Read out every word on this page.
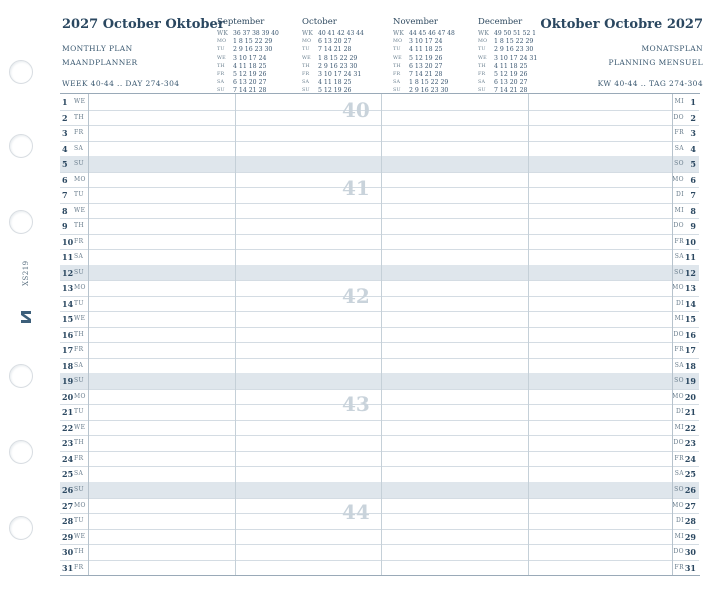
XS219
2027 October Oktober	Oktober Octobre 2027
MONTHLY PLAN
MAANDPLANNER
WEEK 40-44 .. DAY 274-304
MONATSPLAN
PLANNING MENSUEL
KW 40-44 .. TAG 274-304
September
WK	36 37 38 39 40
MO	1 8 15 22 29
TU	2 9 16 23 30
WE	3 10 17 24
TH	4 11 18 25
FR	5 12 19 26
SA	6 13 20 27
SU	7 14 21 28
October
WK	40 41 42 43 44
MO	6 13 20 27
TU	7 14 21 28
WE	1 8 15 22 29
TH	2 9 16 23 30
FR	3 10 17 24 31
SA	4 11 18 25
SU	5 12 19 26
November
WK	44 45 46 47 48
MO	3 10 17 24
TU	4 11 18 25
WE	5 12 19 26
TH	6 13 20 27
FR	7 14 21 28
SA	1 8 15 22 29
SU	2 9 16 23 30
December
WK	49 50 51 52 1
MO	1 8 15 22 29
TU	2 9 16 23 30
WE	3 10 17 24 31
TH	4 11 18 25
FR	5 12 19 26
SA	6 13 20 27
SU	7 14 21 28
1 WE	MI 1
2 TH	DO 2
3 FR	FR 3
4 SA	SA 4
5 SU	SO 5
6 MO	MO 6
7 TU	DI 7
8 WE	MI 8
9 TH	DO 9
10 FR	FR 10
11 SA	SA 11
12 SU	SO 12
13 MO	MO 13
14 TU	DI 14
15 WE	MI 15
16 TH	DO 16
17 FR	FR 17
18 SA	SA 18
19 SU	SO 19
20 MO	MO 20
21 TU	DI 21
22 WE	MI 22
23 TH	DO 23
24 FR	FR 24
25 SA	SA 25
26 SU	SO 26
27 MO	MO 27
28 TU	DI 28
29 WE	MI 29
30 TH	DO 30
31 FR	FR 31
40
41
42
43
44
